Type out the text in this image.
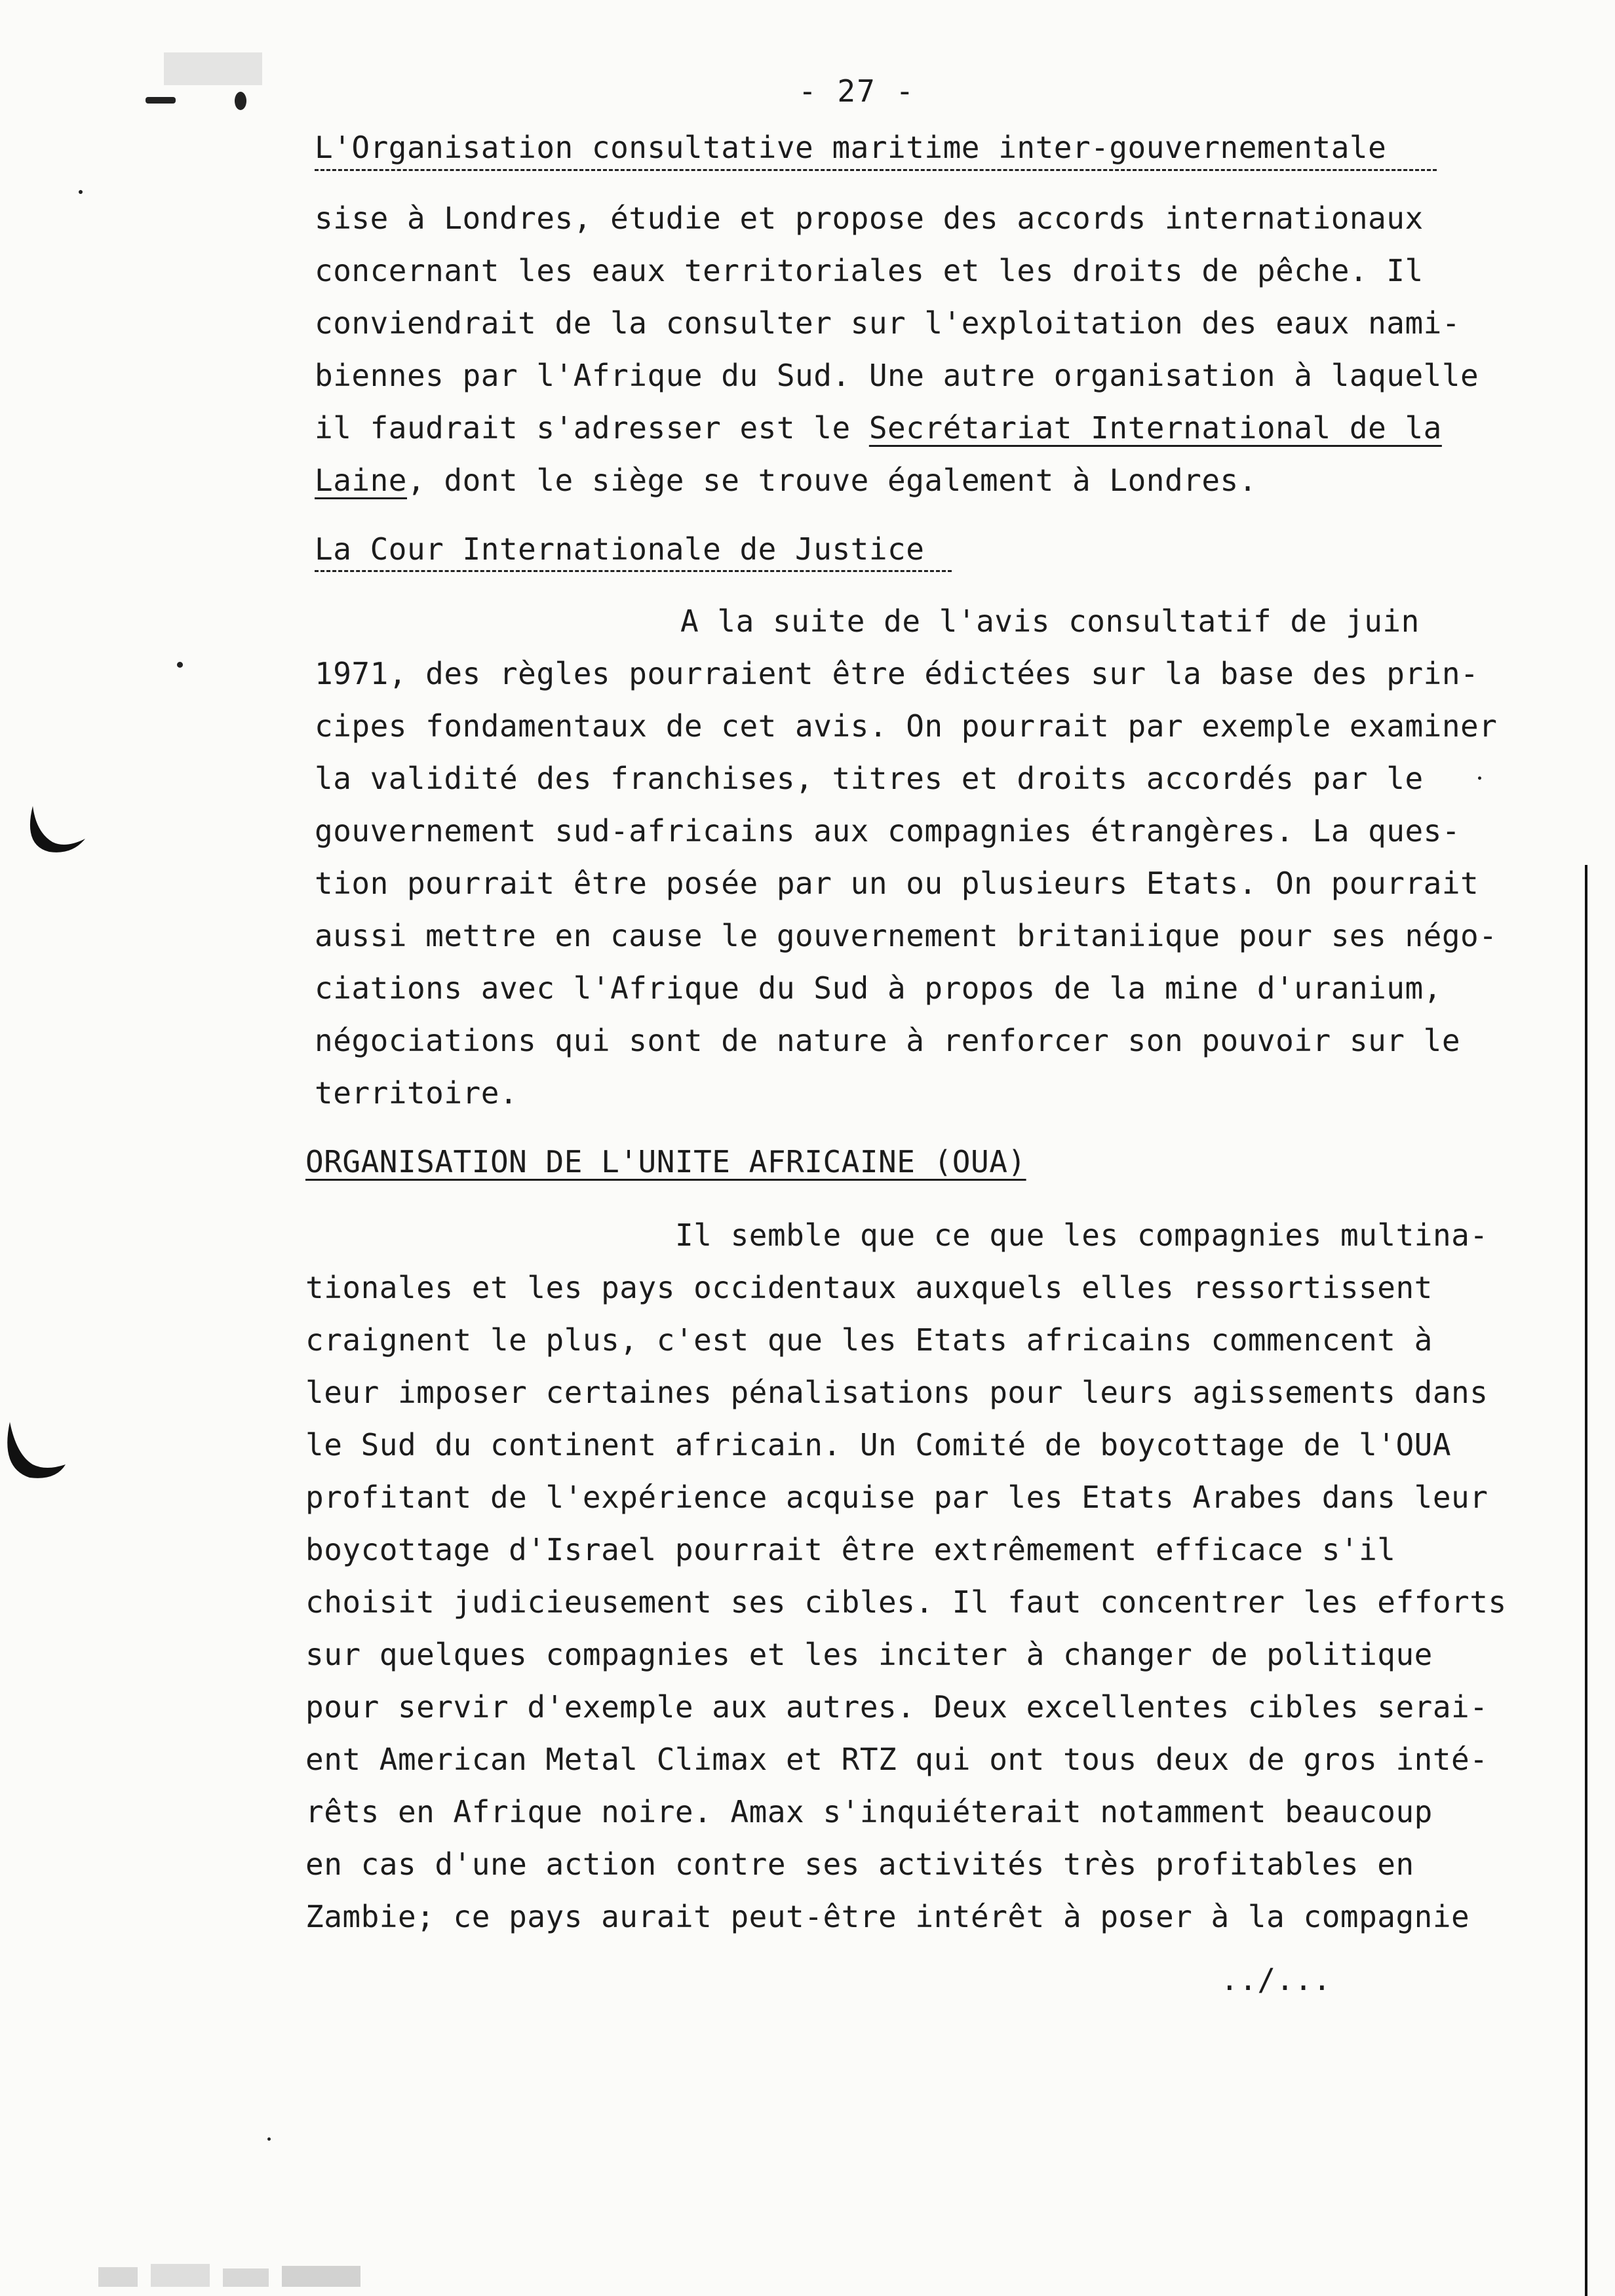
- 27 -
L'Organisation consultative maritime inter-gouvernementale
sise à Londres, étudie et propose des accords internationaux
concernant les eaux territoriales et les droits de pêche. Il
conviendrait de la consulter sur l'exploitation des eaux nami-
biennes par l'Afrique du Sud. Une autre organisation à laquelle
il faudrait s'adresser est le Secrétariat International de la
Laine, dont le siège se trouve également à Londres.
La Cour Internationale de Justice
A la suite de l'avis consultatif de juin
1971, des règles pourraient être édictées sur la base des prin-
cipes fondamentaux de cet avis. On pourrait par exemple examiner
la validité des franchises, titres et droits accordés par le
gouvernement sud-africains aux compagnies étrangères. La ques-
tion pourrait être posée par un ou plusieurs Etats. On pourrait
aussi mettre en cause le gouvernement britaniique pour ses négo-
ciations avec l'Afrique du Sud à propos de la mine d'uranium,
négociations qui sont de nature à renforcer son pouvoir sur le
territoire.
ORGANISATION DE L'UNITE AFRICAINE (OUA)
Il semble que ce que les compagnies multina-
tionales et les pays occidentaux auxquels elles ressortissent
craignent le plus, c'est que les Etats africains commencent à
leur imposer certaines pénalisations pour leurs agissements dans
le Sud du continent africain. Un Comité de boycottage de l'OUA
profitant de l'expérience acquise par les Etats Arabes dans leur
boycottage d'Israel pourrait être extrêmement efficace s'il
choisit judicieusement ses cibles. Il faut concentrer les efforts
sur quelques compagnies et les inciter à changer de politique
pour servir d'exemple aux autres. Deux excellentes cibles serai-
ent American Metal Climax et RTZ qui ont tous deux de gros inté-
rêts en Afrique noire. Amax s'inquiéterait notamment beaucoup
en cas d'une action contre ses activités très profitables en
Zambie; ce pays aurait peut-être intérêt à poser à la compagnie
../...
